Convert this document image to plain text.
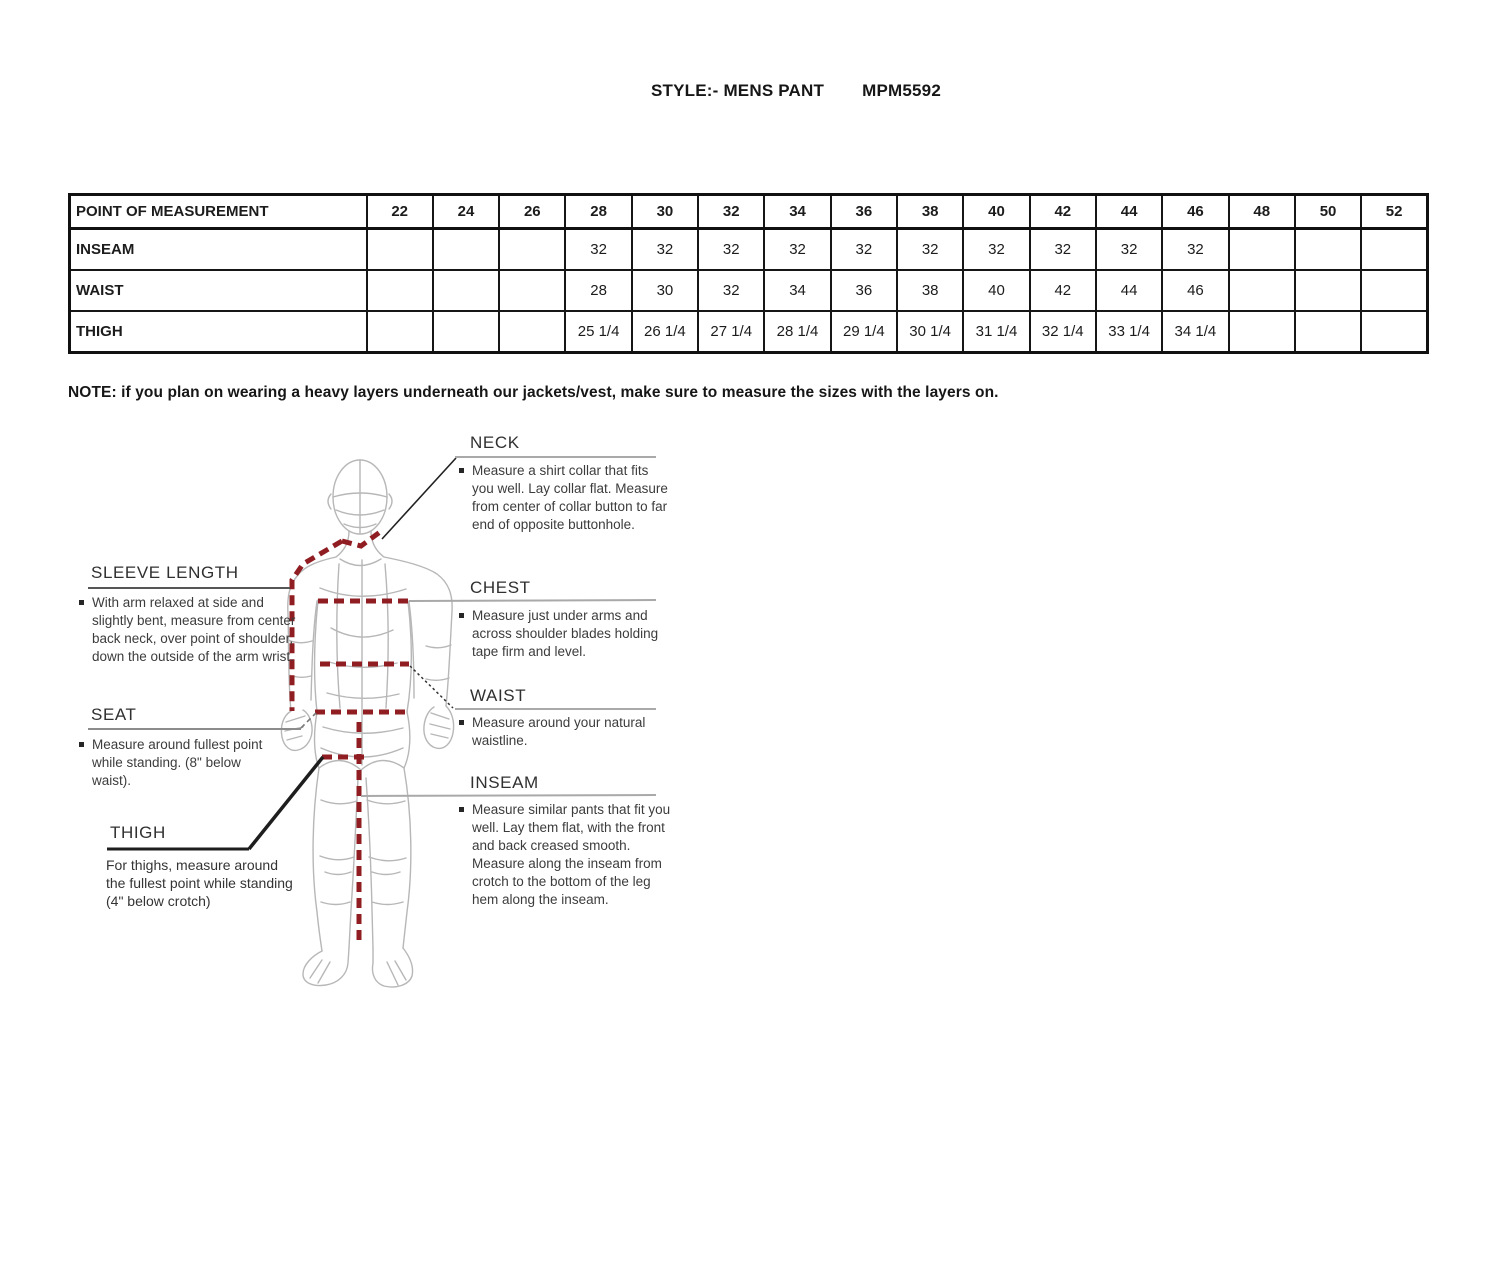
STYLE:- MENS PANT MPM5592
POINT OF MEASUREMENT	22	24	26	28	30	32	34	36	38	40	42	44	46	48	50	52
INSEAM				32	32	32	32	32	32	32	32	32	32			
WAIST				28	30	32	34	36	38	40	42	44	46			
THIGH				25 1/4	26 1/4	27 1/4	28 1/4	29 1/4	30 1/4	31 1/4	32 1/4	33 1/4	34 1/4			
NOTE: if you plan on wearing a heavy layers underneath our jackets/vest, make sure to measure the sizes with the layers on.
NECK
Measure a shirt collar that fits you well. Lay collar flat. Measure from center of collar button to far end of opposite buttonhole.
CHEST
Measure just under arms and across shoulder blades holding tape firm and level.
WAIST
Measure around your natural waistline.
INSEAM
Measure similar pants that fit you well. Lay them flat, with the front and back creased smooth. Measure along the inseam from crotch to the bottom of the leg hem along the inseam.
SLEEVE LENGTH
With arm relaxed at side and slightly bent, measure from center back neck, over point of shoulder, down the outside of the arm wrist.
SEAT
Measure around fullest point while standing. (8" below waist).
THIGH
For thighs, measure around the fullest point while standing (4" below crotch)
